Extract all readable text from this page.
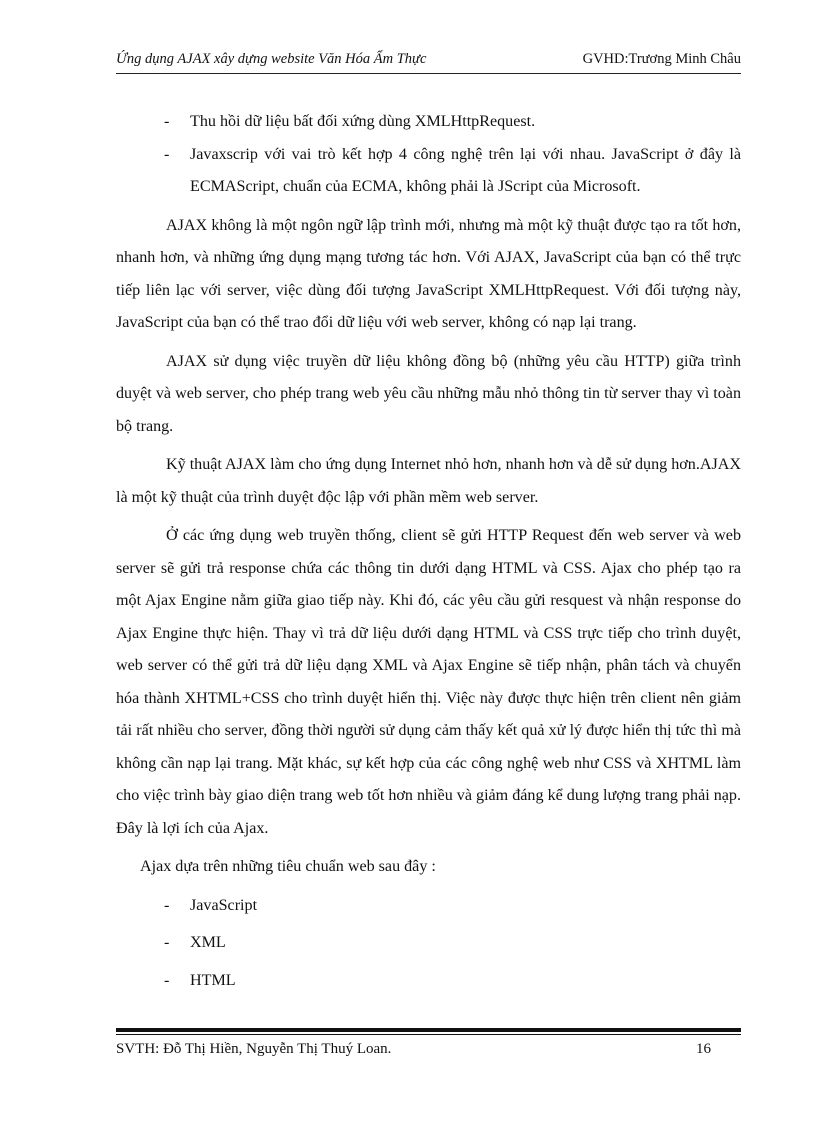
Ứng dụng AJAX xây dựng website Văn Hóa Ẩm Thực	GVHD:Trương Minh Châu
- Thu hồi dữ liệu bất đối xứng dùng XMLHttpRequest.
- Javaxscrip với vai trò kết hợp 4 công nghệ trên lại với nhau. JavaScript ở đây là ECMAScript, chuẩn của ECMA, không phải là JScript của Microsoft.

AJAX không là một ngôn ngữ lập trình mới, nhưng mà một kỹ thuật được tạo ra tốt hơn, nhanh hơn, và những ứng dụng mạng tương tác hơn. Với AJAX, JavaScript của bạn có thể trực tiếp liên lạc với server, việc dùng đối tượng JavaScript XMLHttpRequest. Với đối tượng này, JavaScript của bạn có thể trao đổi dữ liệu với web server, không có nạp lại trang.

AJAX sử dụng việc truyền dữ liệu không đồng bộ (những yêu cầu HTTP) giữa trình duyệt và web server, cho phép trang web yêu cầu những mẫu nhỏ thông tin từ server thay vì toàn bộ trang.

Kỹ thuật AJAX làm cho ứng dụng Internet nhỏ hơn, nhanh hơn và dễ sử dụng hơn.AJAX là một kỹ thuật của trình duyệt độc lập với phần mềm web server.

Ở các ứng dụng web truyền thống, client sẽ gửi HTTP Request đến web server và web server sẽ gửi trả response chứa các thông tin dưới dạng HTML và CSS. Ajax cho phép tạo ra một Ajax Engine nằm giữa giao tiếp này. Khi đó, các yêu cầu gửi resquest và nhận response do Ajax Engine thực hiện. Thay vì trả dữ liệu dưới dạng HTML và CSS trực tiếp cho trình duyệt, web server có thể gửi trả dữ liệu dạng XML và Ajax Engine sẽ tiếp nhận, phân tách và chuyển hóa thành XHTML+CSS cho trình duyệt hiển thị. Việc này được thực hiện trên client nên giảm tải rất nhiều cho server, đồng thời người sử dụng cảm thấy kết quả xử lý được hiển thị tức thì mà không cần nạp lại trang. Mặt khác, sự kết hợp của các công nghệ web như CSS và XHTML làm cho việc trình bày giao diện trang web tốt hơn nhiều và giảm đáng kể dung lượng trang phải nạp. Đây là lợi ích của Ajax.

Ajax dựa trên những tiêu chuẩn web sau đây :
- JavaScript
- XML
- HTML
SVTH: Đỗ Thị Hiền, Nguyễn Thị Thuý Loan.	16
